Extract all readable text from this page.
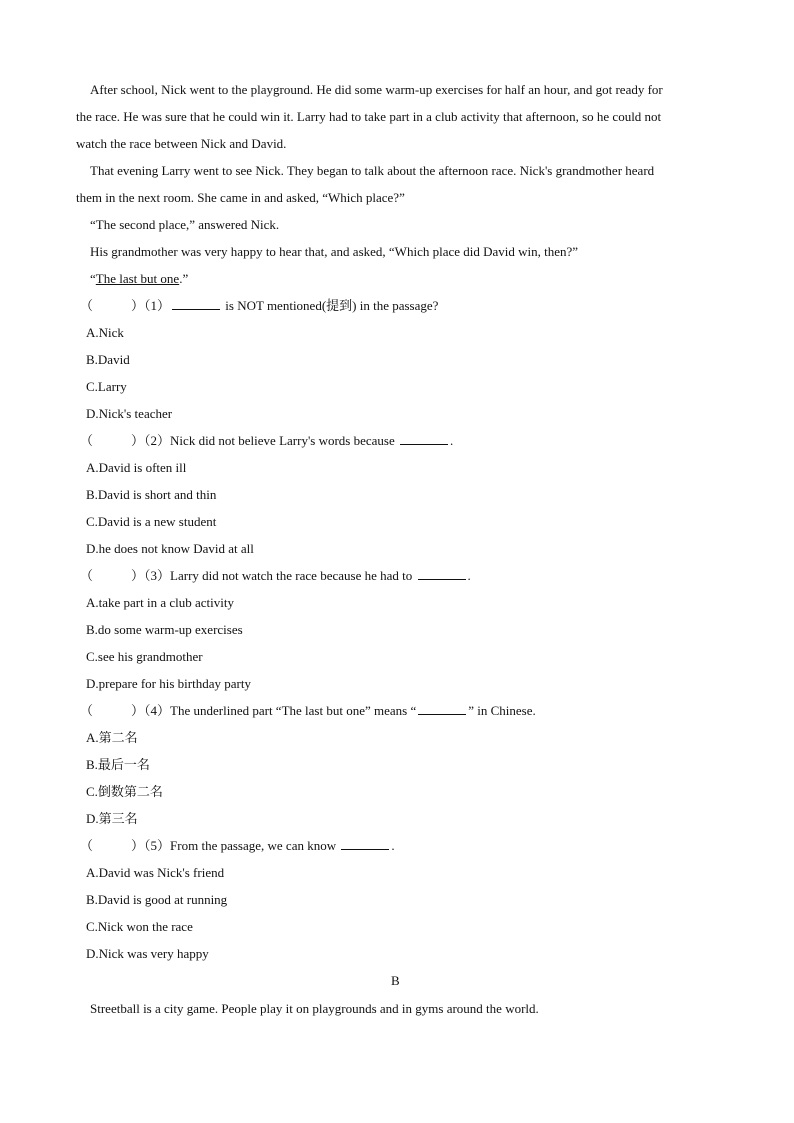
After school, Nick went to the playground. He did some warm-up exercises for half an hour, and got ready for
the race. He was sure that he could win it. Larry had to take part in a club activity that afternoon, so he could not
watch the race between Nick and David.
That evening Larry went to see Nick. They began to talk about the afternoon race. Nick's grandmother heard
them in the next room. She came in and asked, “Which place?”
“The second place,” answered Nick.
His grandmother was very happy to hear that, and asked, “Which place did David win, then?”
“The last but one.”
（	）（1）	is NOT mentioned(提到) in the passage?
A.Nick
B.David
C.Larry
D.Nick's teacher
（	）（2）Nick did not believe Larry's words because	.
A.David is often ill
B.David is short and thin
C.David is a new student
D.he does not know David at all
（	）（3）Larry did not watch the race because he had to	.
A.take part in a club activity
B.do some warm-up exercises
C.see his grandmother
D.prepare for his birthday party
（	）（4）The underlined part “The last but one” means “	” in Chinese.
A.第二名
B.最后一名
C.倒数第二名
D.第三名
（	）（5）From the passage, we can know	.
A.David was Nick's friend
B.David is good at running
C.Nick won the race
D.Nick was very happy
B
Streetball is a city game. People play it on playgrounds and in gyms around the world.
